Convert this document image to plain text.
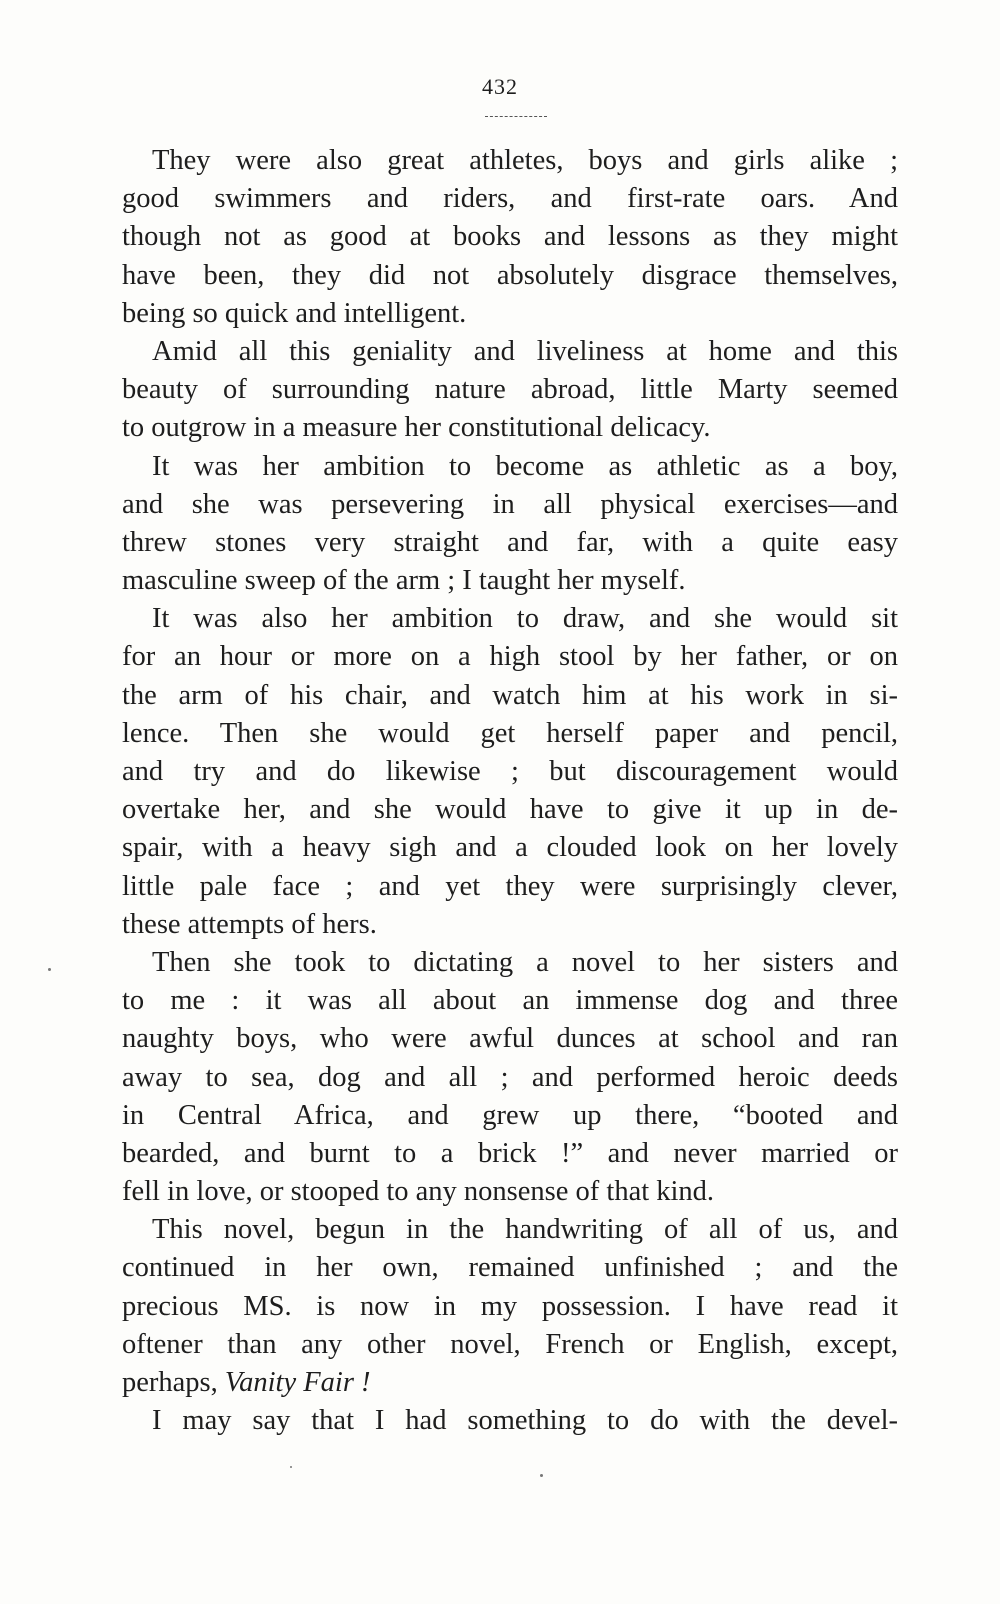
432
They were also great athletes, boys and girls alike ;
good swimmers and riders, and first-rate oars. And
though not as good at books and lessons as they might
have been, they did not absolutely disgrace themselves,
being so quick and intelligent.
Amid all this geniality and liveliness at home and this
beauty of surrounding nature abroad, little Marty seemed
to outgrow in a measure her constitutional delicacy.
It was her ambition to become as athletic as a boy,
and she was persevering in all physical exercises—and
threw stones very straight and far, with a quite easy
masculine sweep of the arm ; I taught her myself.
It was also her ambition to draw, and she would sit
for an hour or more on a high stool by her father, or on
the arm of his chair, and watch him at his work in si-
lence. Then she would get herself paper and pencil,
and try and do likewise ; but discouragement would
overtake her, and she would have to give it up in de-
spair, with a heavy sigh and a clouded look on her lovely
little pale face ; and yet they were surprisingly clever,
these attempts of hers.
Then she took to dictating a novel to her sisters and
to me : it was all about an immense dog and three
naughty boys, who were awful dunces at school and ran
away to sea, dog and all ; and performed heroic deeds
in Central Africa, and grew up there, “booted and
bearded, and burnt to a brick !” and never married or
fell in love, or stooped to any nonsense of that kind.
This novel, begun in the handwriting of all of us, and
continued in her own, remained unfinished ; and the
precious MS. is now in my possession. I have read it
oftener than any other novel, French or English, except,
perhaps, Vanity Fair !
I may say that I had something to do with the devel-
